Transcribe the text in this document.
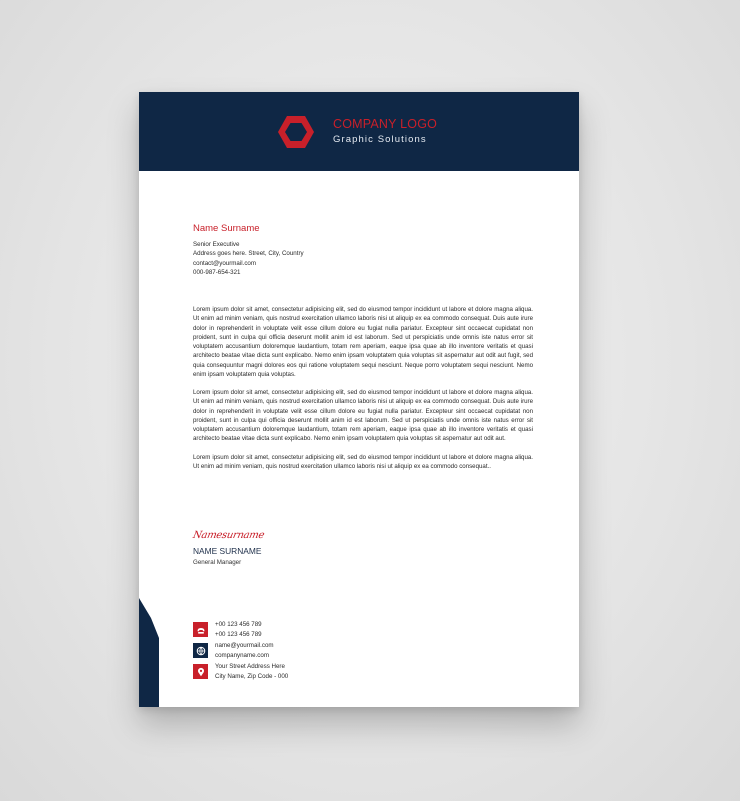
COMPANY LOGO
Graphic Solutions
Name Surname
Senior Executive
Address goes here. Street, City, Country
contact@yourmail.com
000-987-654-321

Lorem ipsum dolor sit amet, consectetur adipisicing elit, sed do eiusmod tempor incididunt ut labore et dolore magna aliqua. Ut enim ad minim veniam, quis nostrud exercitation ullamco laboris nisi ut aliquip ex ea commodo consequat. Duis aute irure dolor in reprehenderit in voluptate velit esse cillum dolore eu fugiat nulla pariatur. Excepteur sint occaecat cupidatat non proident, sunt in culpa qui officia deserunt mollit anim id est laborum. Sed ut perspiciatis unde omnis iste natus error sit voluptatem accusantium doloremque laudantium, totam rem aperiam, eaque ipsa quae ab illo inventore veritatis et quasi architecto beatae vitae dicta sunt explicabo. Nemo enim ipsam voluptatem quia voluptas sit aspernatur aut odit aut fugit, sed quia consequuntur magni dolores eos qui ratione voluptatem sequi nesciunt. Neque porro voluptatem sequi nesciunt. Nemo enim ipsam voluptatem quia voluptas.

Lorem ipsum dolor sit amet, consectetur adipisicing elit, sed do eiusmod tempor incididunt ut labore et dolore magna aliqua. Ut enim ad minim veniam, quis nostrud exercitation ullamco laboris nisi ut aliquip ex ea commodo consequat. Duis aute irure dolor in reprehenderit in voluptate velit esse cillum dolore eu fugiat nulla pariatur. Excepteur sint occaecat cupidatat non proident, sunt in culpa qui officia deserunt mollit anim id est laborum. Sed ut perspiciatis unde omnis iste natus error sit voluptatem accusantium doloremque laudantium, totam rem aperiam, eaque ipsa quae ab illo inventore veritatis et quasi architecto beatae vitae dicta sunt explicabo. Nemo enim ipsam voluptatem quia voluptas sit aspernatur aut odit aut.

Lorem ipsum dolor sit amet, consectetur adipisicing elit, sed do eiusmod tempor incididunt ut labore et dolore magna aliqua. Ut enim ad minim veniam, quis nostrud exercitation ullamco laboris nisi ut aliquip ex ea commodo consequat..

Namesurname
NAME SURNAME
General Manager
+00 123 456 789
+00 123 456 789
name@yourmail.com
companyname.com
Your Street Address Here
City Name, Zip Code - 000
